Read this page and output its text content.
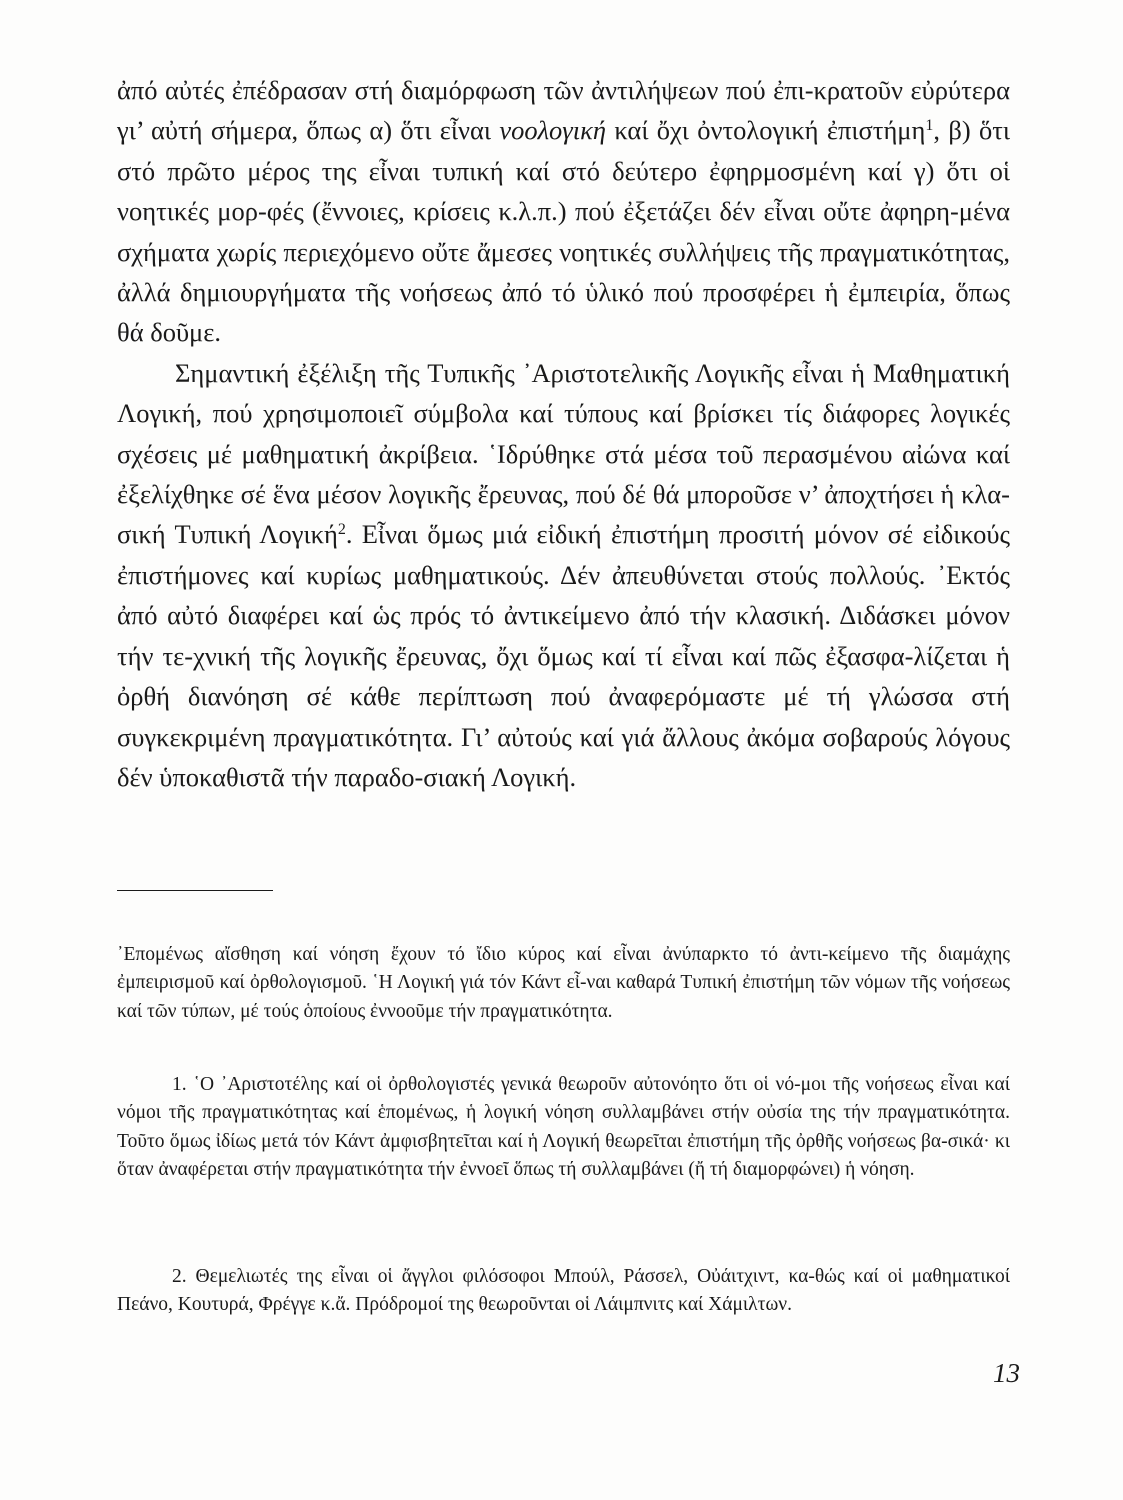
ἀπό αὐτές ἐπέδρασαν στή διαμόρφωση τῶν ἀντιλήψεων πού ἐπι-κρατοῦν εὐρύτερα γι’ αὐτή σήμερα, ὅπως α) ὅτι εἶναι νοολογική καί ὄχι ὀντολογική ἐπιστήμη$^1$, β) ὅτι στό πρῶτο μέρος της εἶναι τυπική καί στό δεύτερο ἐφηρμοσμένη καί γ) ὅτι οἱ νοητικές μορ-φές (ἔννοιες, κρίσεις κ.λ.π.) πού ἐξετάζει δέν εἶναι οὔτε ἀφηρη-μένα σχήματα χωρίς περιεχόμενο οὔτε ἄμεσες νοητικές συλλήψεις τῆς πραγματικότητας, ἀλλά δημιουργήματα τῆς νοήσεως ἀπό τό ὑλικό πού προσφέρει ἡ ἐμπειρία, ὅπως θά δοῦμε.

Σημαντική ἐξέλιξη τῆς Τυπικῆς ᾿Αριστοτελικῆς Λογικῆς εἶναι ἡ Μαθηματική Λογική, πού χρησιμοποιεῖ σύμβολα καί τύπους καί βρίσκει τίς διάφορες λογικές σχέσεις μέ μαθηματική ἀκρίβεια. ῾Ιδρύθηκε στά μέσα τοῦ περασμένου αἰώνα καί ἐξελίχθηκε σέ ἕνα μέσον λογικῆς ἔρευνας, πού δέ θά μποροῦσε ν’ ἀποχτήσει ἡ κλα-σική Τυπική Λογική$^2$. Εἶναι ὅμως μιά εἰδική ἐπιστήμη προσιτή μόνον σέ εἰδικούς ἐπιστήμονες καί κυρίως μαθηματικούς. Δέν ἀπευθύνεται στούς πολλούς. ᾿Εκτός ἀπό αὐτό διαφέρει καί ὡς πρός τό ἀντικείμενο ἀπό τήν κλασική. Διδάσκει μόνον τήν τε-χνική τῆς λογικῆς ἔρευνας, ὄχι ὅμως καί τί εἶναι καί πῶς ἐξασφα-λίζεται ἡ ὀρθή διανόηση σέ κάθε περίπτωση πού ἀναφερόμαστε μέ τή γλώσσα στή συγκεκριμένη πραγματικότητα. Γι’ αὐτούς καί γιά ἄλλους ἀκόμα σοβαρούς λόγους δέν ὑποκαθιστᾶ τήν παραδο-σιακή Λογική.

᾿Επομένως αἴσθηση καί νόηση ἔχουν τό ἴδιο κύρος καί εἶναι ἀνύπαρκτο τό ἀντι-κείμενο τῆς διαμάχης ἐμπειρισμοῦ καί ὀρθολογισμοῦ. ῾Η Λογική γιά τόν Κάντ εἶ-ναι καθαρά Τυπική ἐπιστήμη τῶν νόμων τῆς νοήσεως καί τῶν τύπων, μέ τούς ὁποίους ἐννοοῦμε τήν πραγματικότητα.

1. ῾Ο ᾿Αριστοτέλης καί οἱ ὀρθολογιστές γενικά θεωροῦν αὐτονόητο ὅτι οἱ νό-μοι τῆς νοήσεως εἶναι καί νόμοι τῆς πραγματικότητας καί ἑπομένως, ἡ λογική νόηση συλλαμβάνει στήν οὐσία της τήν πραγματικότητα. Τοῦτο ὅμως ἰδίως μετά τόν Κάντ ἀμφισβητεῖται καί ἡ Λογική θεωρεῖται ἐπιστήμη τῆς ὀρθῆς νοήσεως βα-σικά· κι ὅταν ἀναφέρεται στήν πραγματικότητα τήν ἐννοεῖ ὅπως τή συλλαμβάνει (ἤ τή διαμορφώνει) ἡ νόηση.

2. Θεμελιωτές της εἶναι οἱ ἄγγλοι φιλόσοφοι Μπούλ, Ράσσελ, Οὐάιτχιντ, κα-θώς καί οἱ μαθηματικοί Πεάνο, Κουτυρά, Φρέγγε κ.ἄ. Πρόδρομοί της θεωροῦνται οἱ Λάιμπνιτς καί Χάμιλτων.

13
